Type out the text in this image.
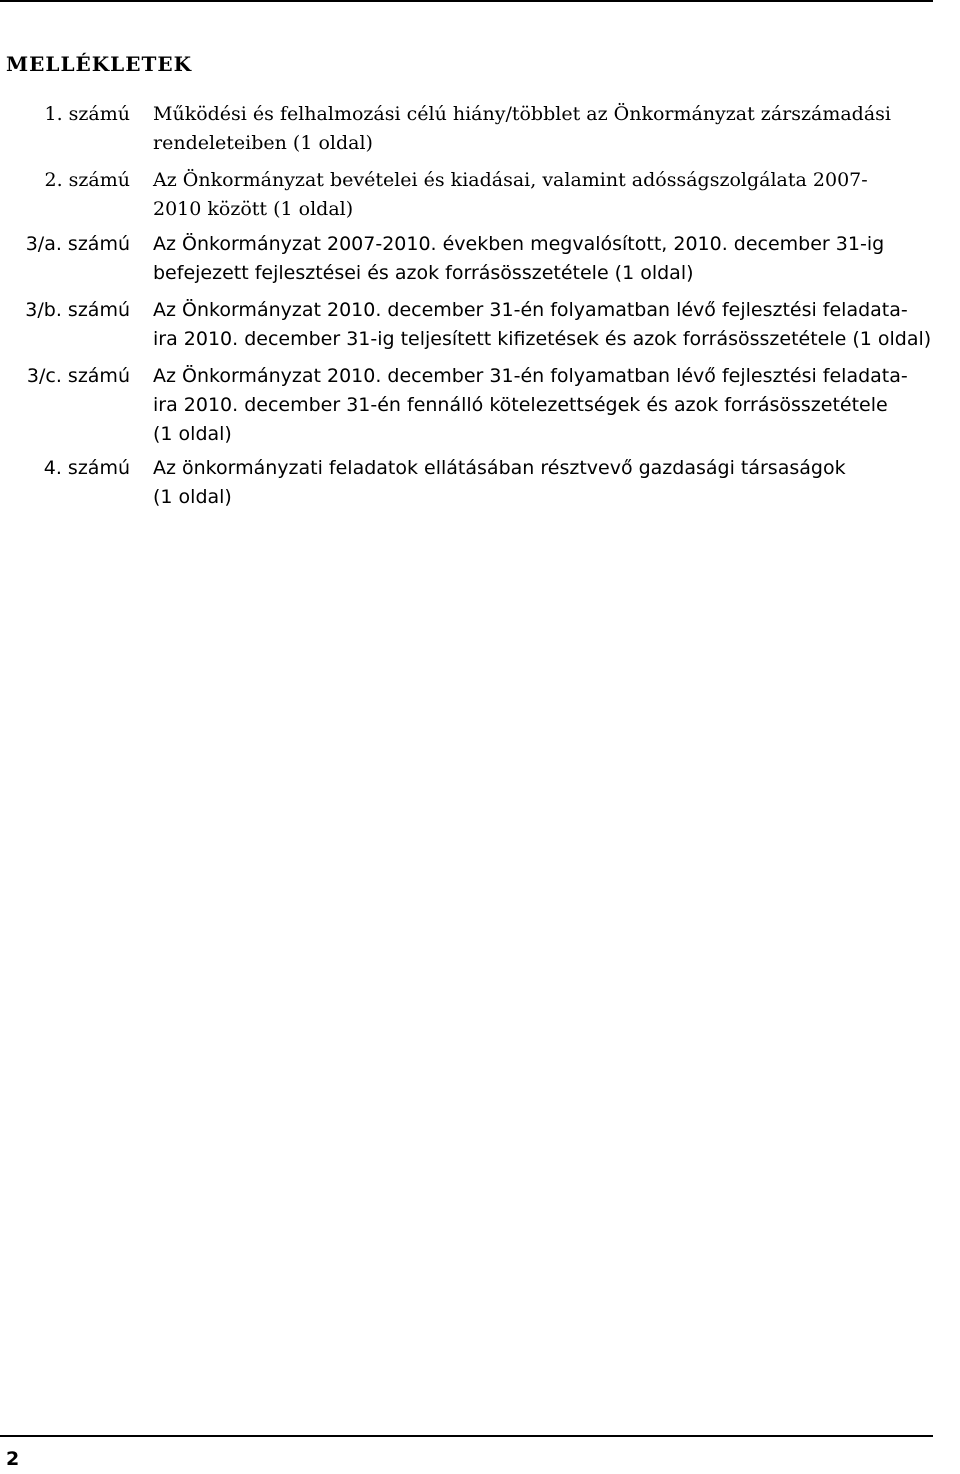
MELLÉKLETEK
1. számú Működési és felhalmozási célú hiány/többlet az Önkormányzat zárszámadási
rendeleteiben (1 oldal)
2. számú Az Önkormányzat bevételei és kiadásai, valamint adósságszolgálata 2007-
2010 között (1 oldal)
3/a. számú Az Önkormányzat 2007-2010. években megvalósított, 2010. december 31-ig
befejezett fejlesztései és azok forrásösszetétele (1 oldal)
3/b. számú Az Önkormányzat 2010. december 31-én folyamatban lévő fejlesztési feladata-
ira 2010. december 31-ig teljesített kifizetések és azok forrásösszetétele (1 oldal)
3/c. számú Az Önkormányzat 2010. december 31-én folyamatban lévő fejlesztési feladata-
ira 2010. december 31-én fennálló kötelezettségek és azok forrásösszetétele
(1 oldal)
4. számú Az önkormányzati feladatok ellátásában résztvevő gazdasági társaságok
(1 oldal)
2
